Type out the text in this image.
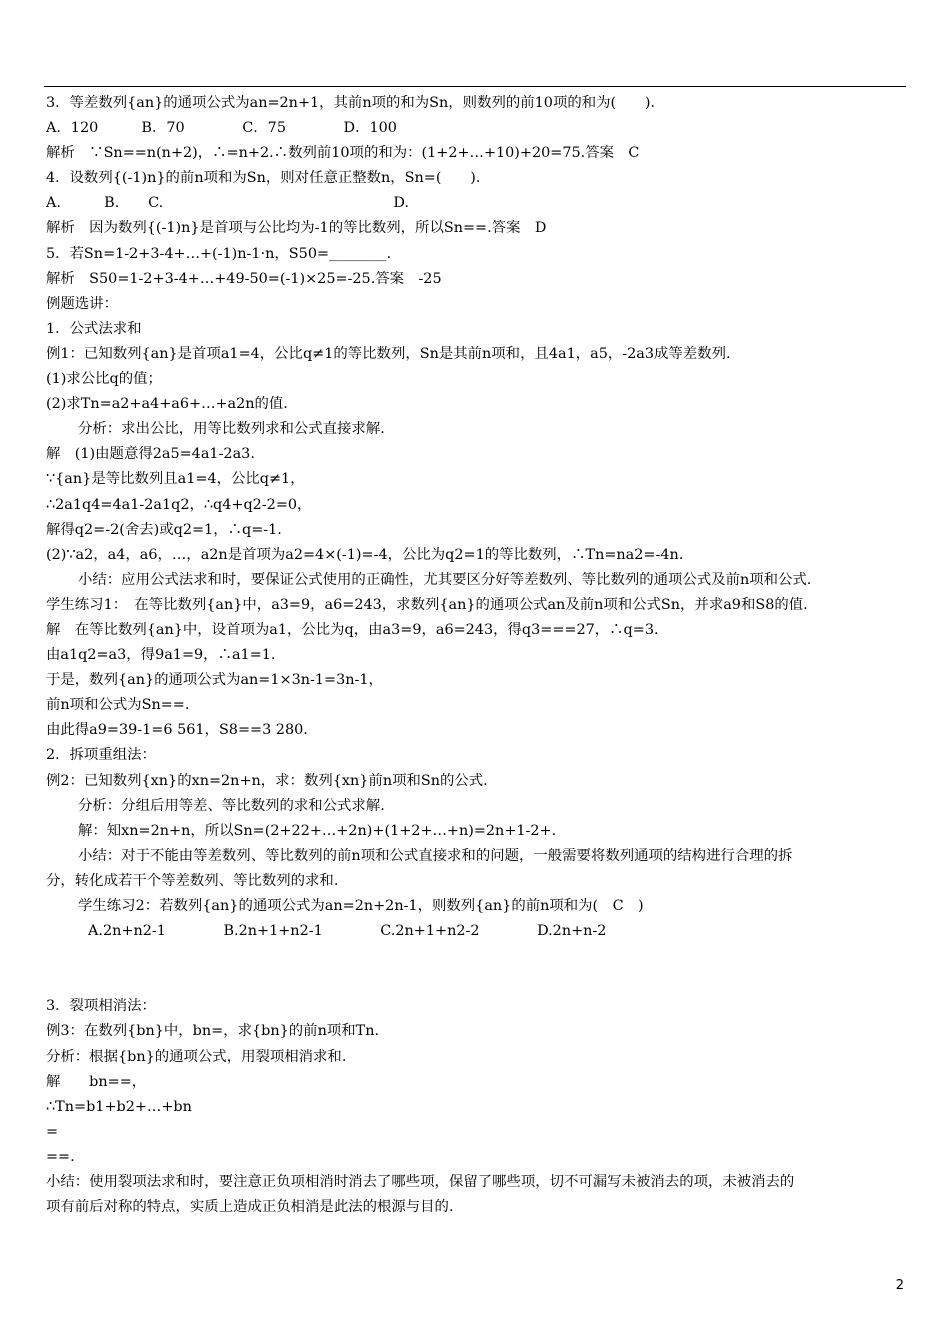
3．等差数列{an}的通项公式为an=2n+1，其前n项的和为Sn，则数列的前10项的和为(　　)．
A．120　　　B．70　　　　C．75　　　　D．100
解析　∵Sn==n(n+2)，∴=n+2.∴数列前10项的和为：(1+2+…+10)+20=75.答案　C
4．设数列{(-1)n}的前n项和为Sn，则对任意正整数n，Sn=(　　)．
A.　　　B.　　C.　　　　　　　　　　　　　　　　D.
解析　因为数列{(-1)n}是首项与公比均为-1的等比数列，所以Sn==.答案　D
5．若Sn=1-2+3-4+…+(-1)n-1·n，S50=________.
解析　S50=1-2+3-4+…+49-50=(-1)×25=-25.答案　-25
例题选讲：
1．公式法求和
例1：已知数列{an}是首项a1=4，公比q≠1的等比数列，Sn是其前n项和，且4a1，a5，-2a3成等差数列.
(1)求公比q的值；
(2)求Tn=a2+a4+a6+…+a2n的值.
分析：求出公比，用等比数列求和公式直接求解.
解　(1)由题意得2a5=4a1-2a3.
∵{an}是等比数列且a1=4，公比q≠1，
∴2a1q4=4a1-2a1q2，∴q4+q2-2=0，
解得q2=-2(舍去)或q2=1，∴q=-1.
(2)∵a2，a4，a6，…，a2n是首项为a2=4×(-1)=-4，公比为q2=1的等比数列，∴Tn=na2=-4n.
小结：应用公式法求和时，要保证公式使用的正确性，尤其要区分好等差数列、等比数列的通项公式及前n项和公式.
学生练习1：　在等比数列{an}中，a3=9，a6=243，求数列{an}的通项公式an及前n项和公式Sn，并求a9和S8的值.
解　在等比数列{an}中，设首项为a1，公比为q，由a3=9，a6=243，得q3===27，∴q=3.
由a1q2=a3，得9a1=9，∴a1=1.
于是，数列{an}的通项公式为an=1×3n-1=3n-1，
前n项和公式为Sn==.
由此得a9=39-1=6 561，S8==3 280.
2．拆项重组法：
例2：已知数列{xn}的xn=2n+n，求：数列{xn}前n项和Sn的公式.
分析：分组后用等差、等比数列的求和公式求解.
解：知xn=2n+n，所以Sn=(2+22+…+2n)+(1+2+…+n)=2n+1-2+.
小结：对于不能由等差数列、等比数列的前n项和公式直接求和的问题，一般需要将数列通项的结构进行合理的拆
分，转化成若干个等差数列、等比数列的求和.
学生练习2：若数列{an}的通项公式为an=2n+2n-1，则数列{an}的前n项和为(　C　)
A.2n+n2-1　　　　B.2n+1+n2-1　　　　C.2n+1+n2-2　　　　D.2n+n-2
3．裂项相消法：
例3：在数列{bn}中，bn=，求{bn}的前n项和Tn.
分析：根据{bn}的通项公式，用裂项相消求和.
解　　bn==，
∴Tn=b1+b2+…+bn
=
==.
小结：使用裂项法求和时，要注意正负项相消时消去了哪些项，保留了哪些项，切不可漏写未被消去的项，未被消去的
项有前后对称的特点，实质上造成正负相消是此法的根源与目的.
2
